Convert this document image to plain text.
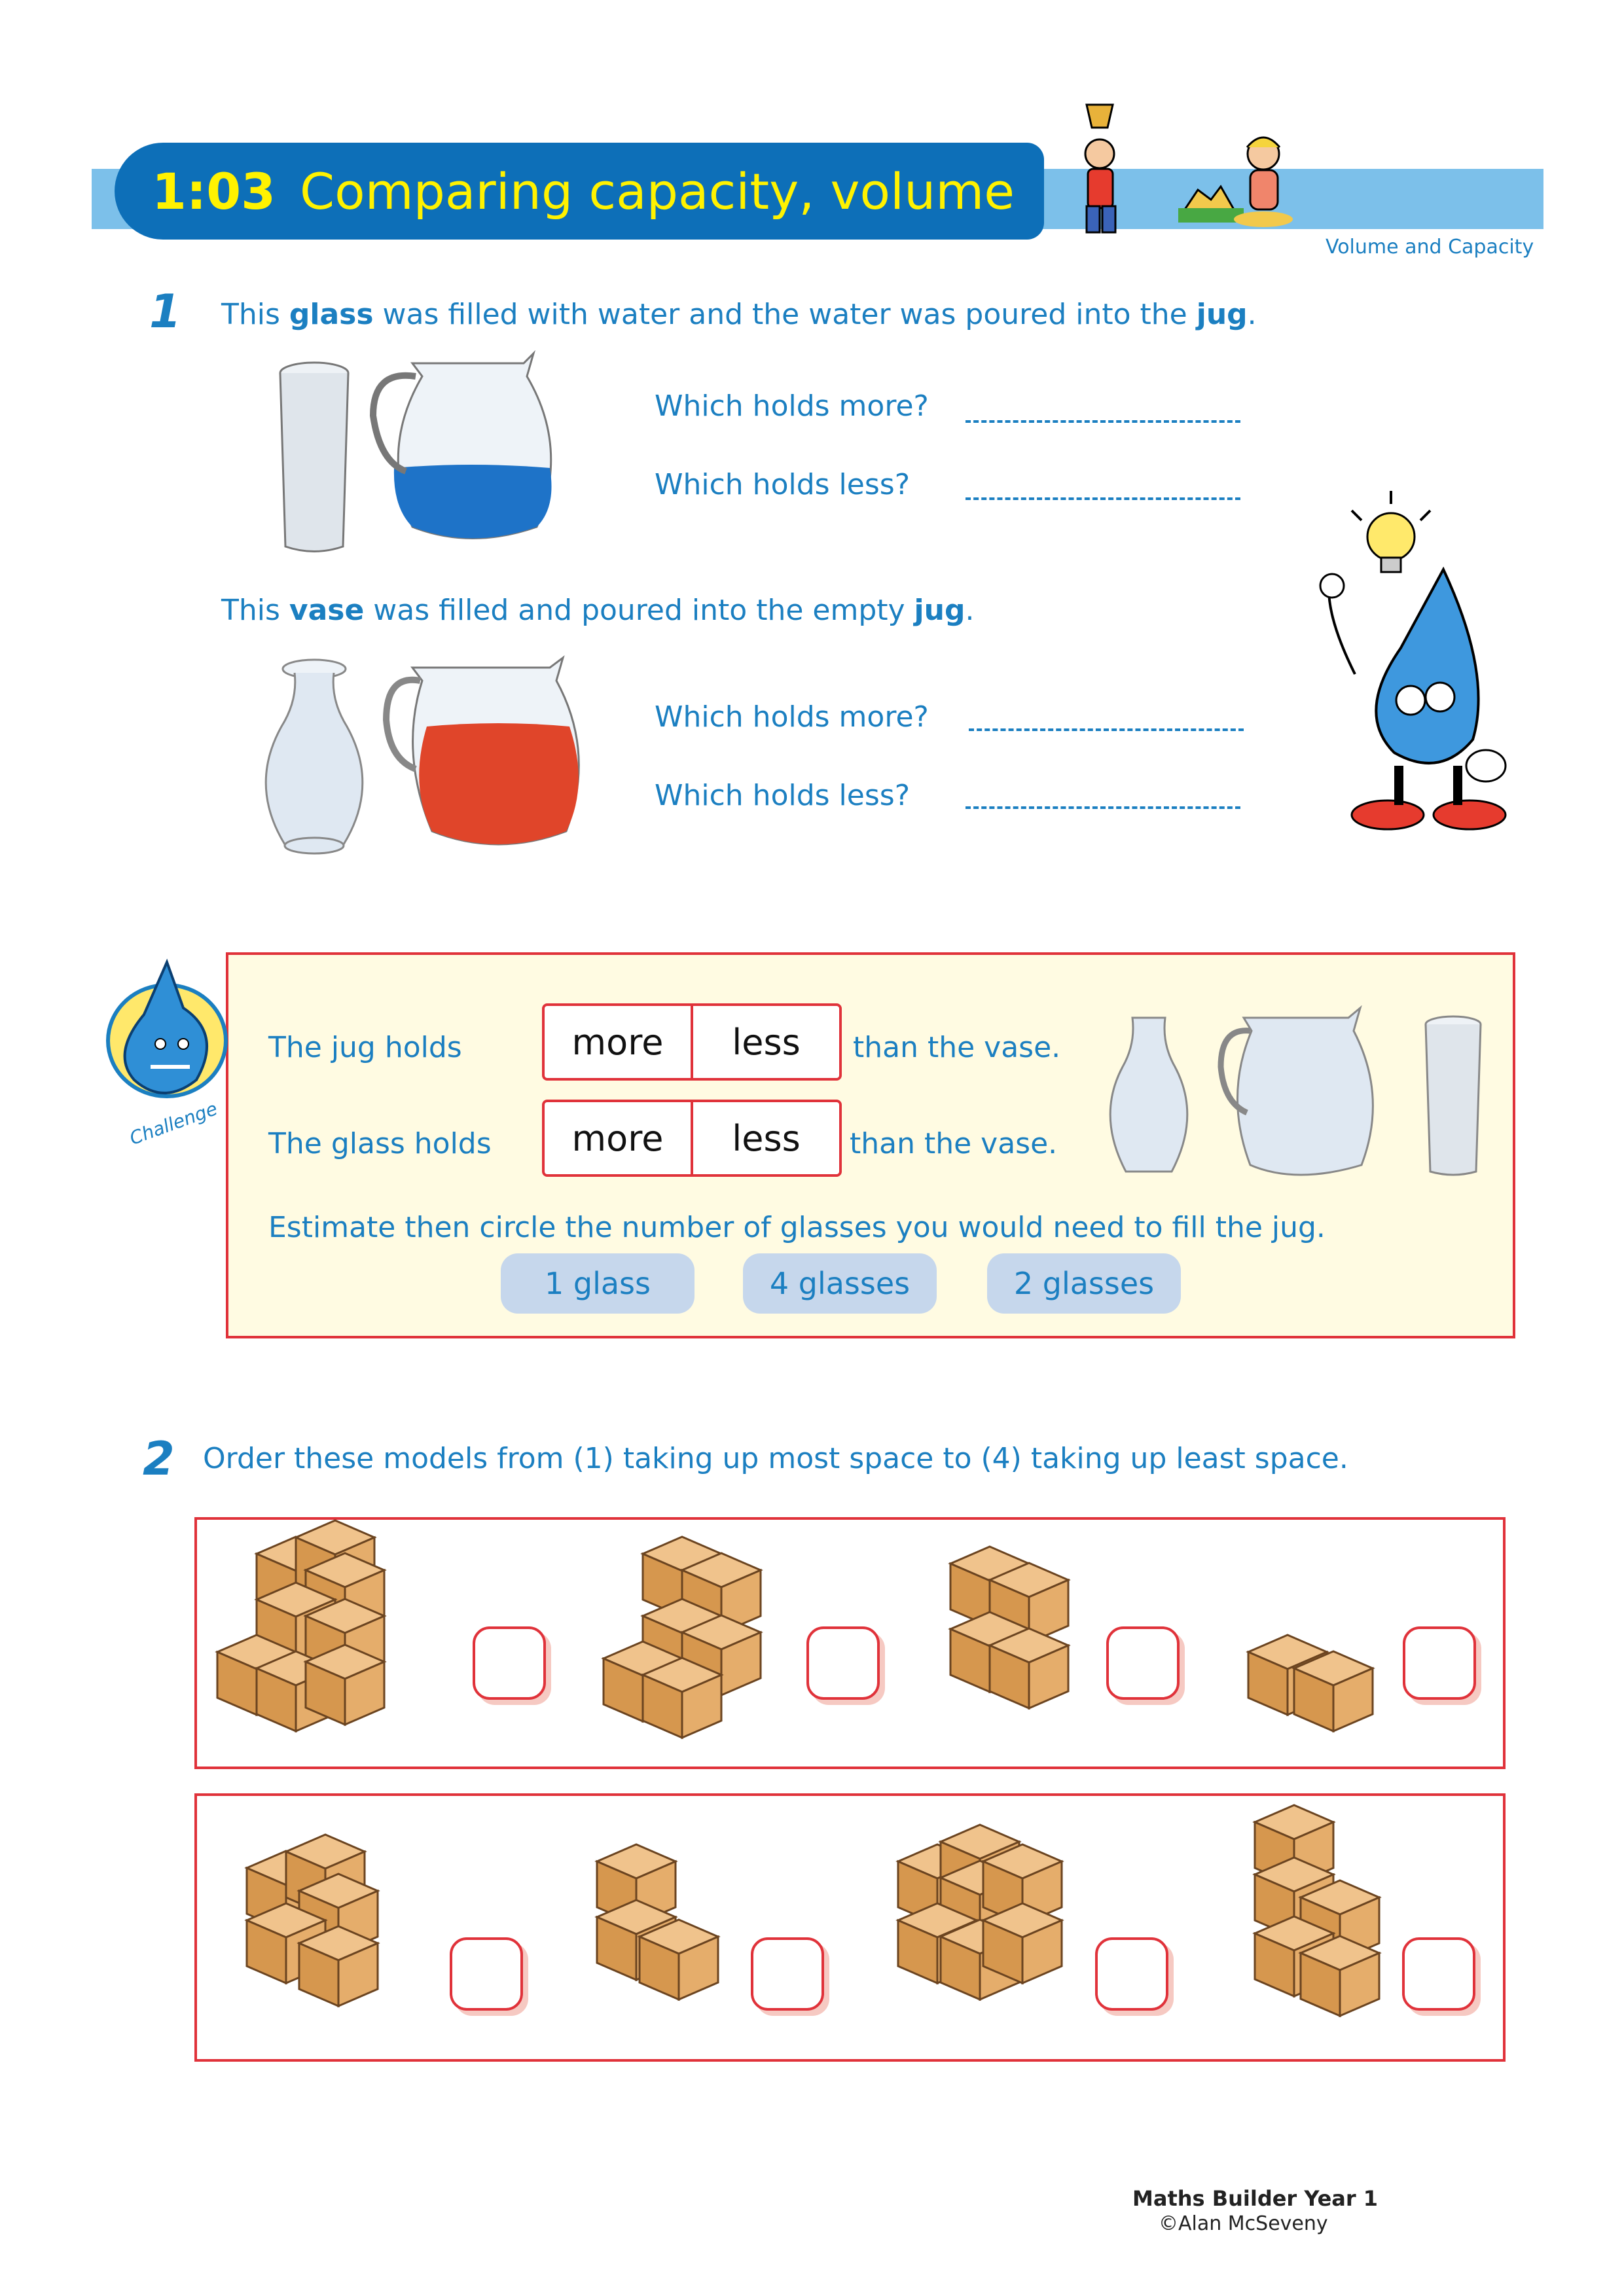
1:03 Comparing capacity, volume
Volume and Capacity
1 This glass was filled with water and the water was poured into the jug.
Which holds more?
Which holds less?
This vase was filled and poured into the empty jug.
Which holds more?
Which holds less?
Challenge
The jug holds	more	less	than the vase.
The glass holds	more	less	than the vase.
Estimate then circle the number of glasses you would need to fill the jug.
1 glass	4 glasses	2 glasses
2 Order these models from (1) taking up most space to (4) taking up least space.
Maths Builder Year 1
©Alan McSeveny
